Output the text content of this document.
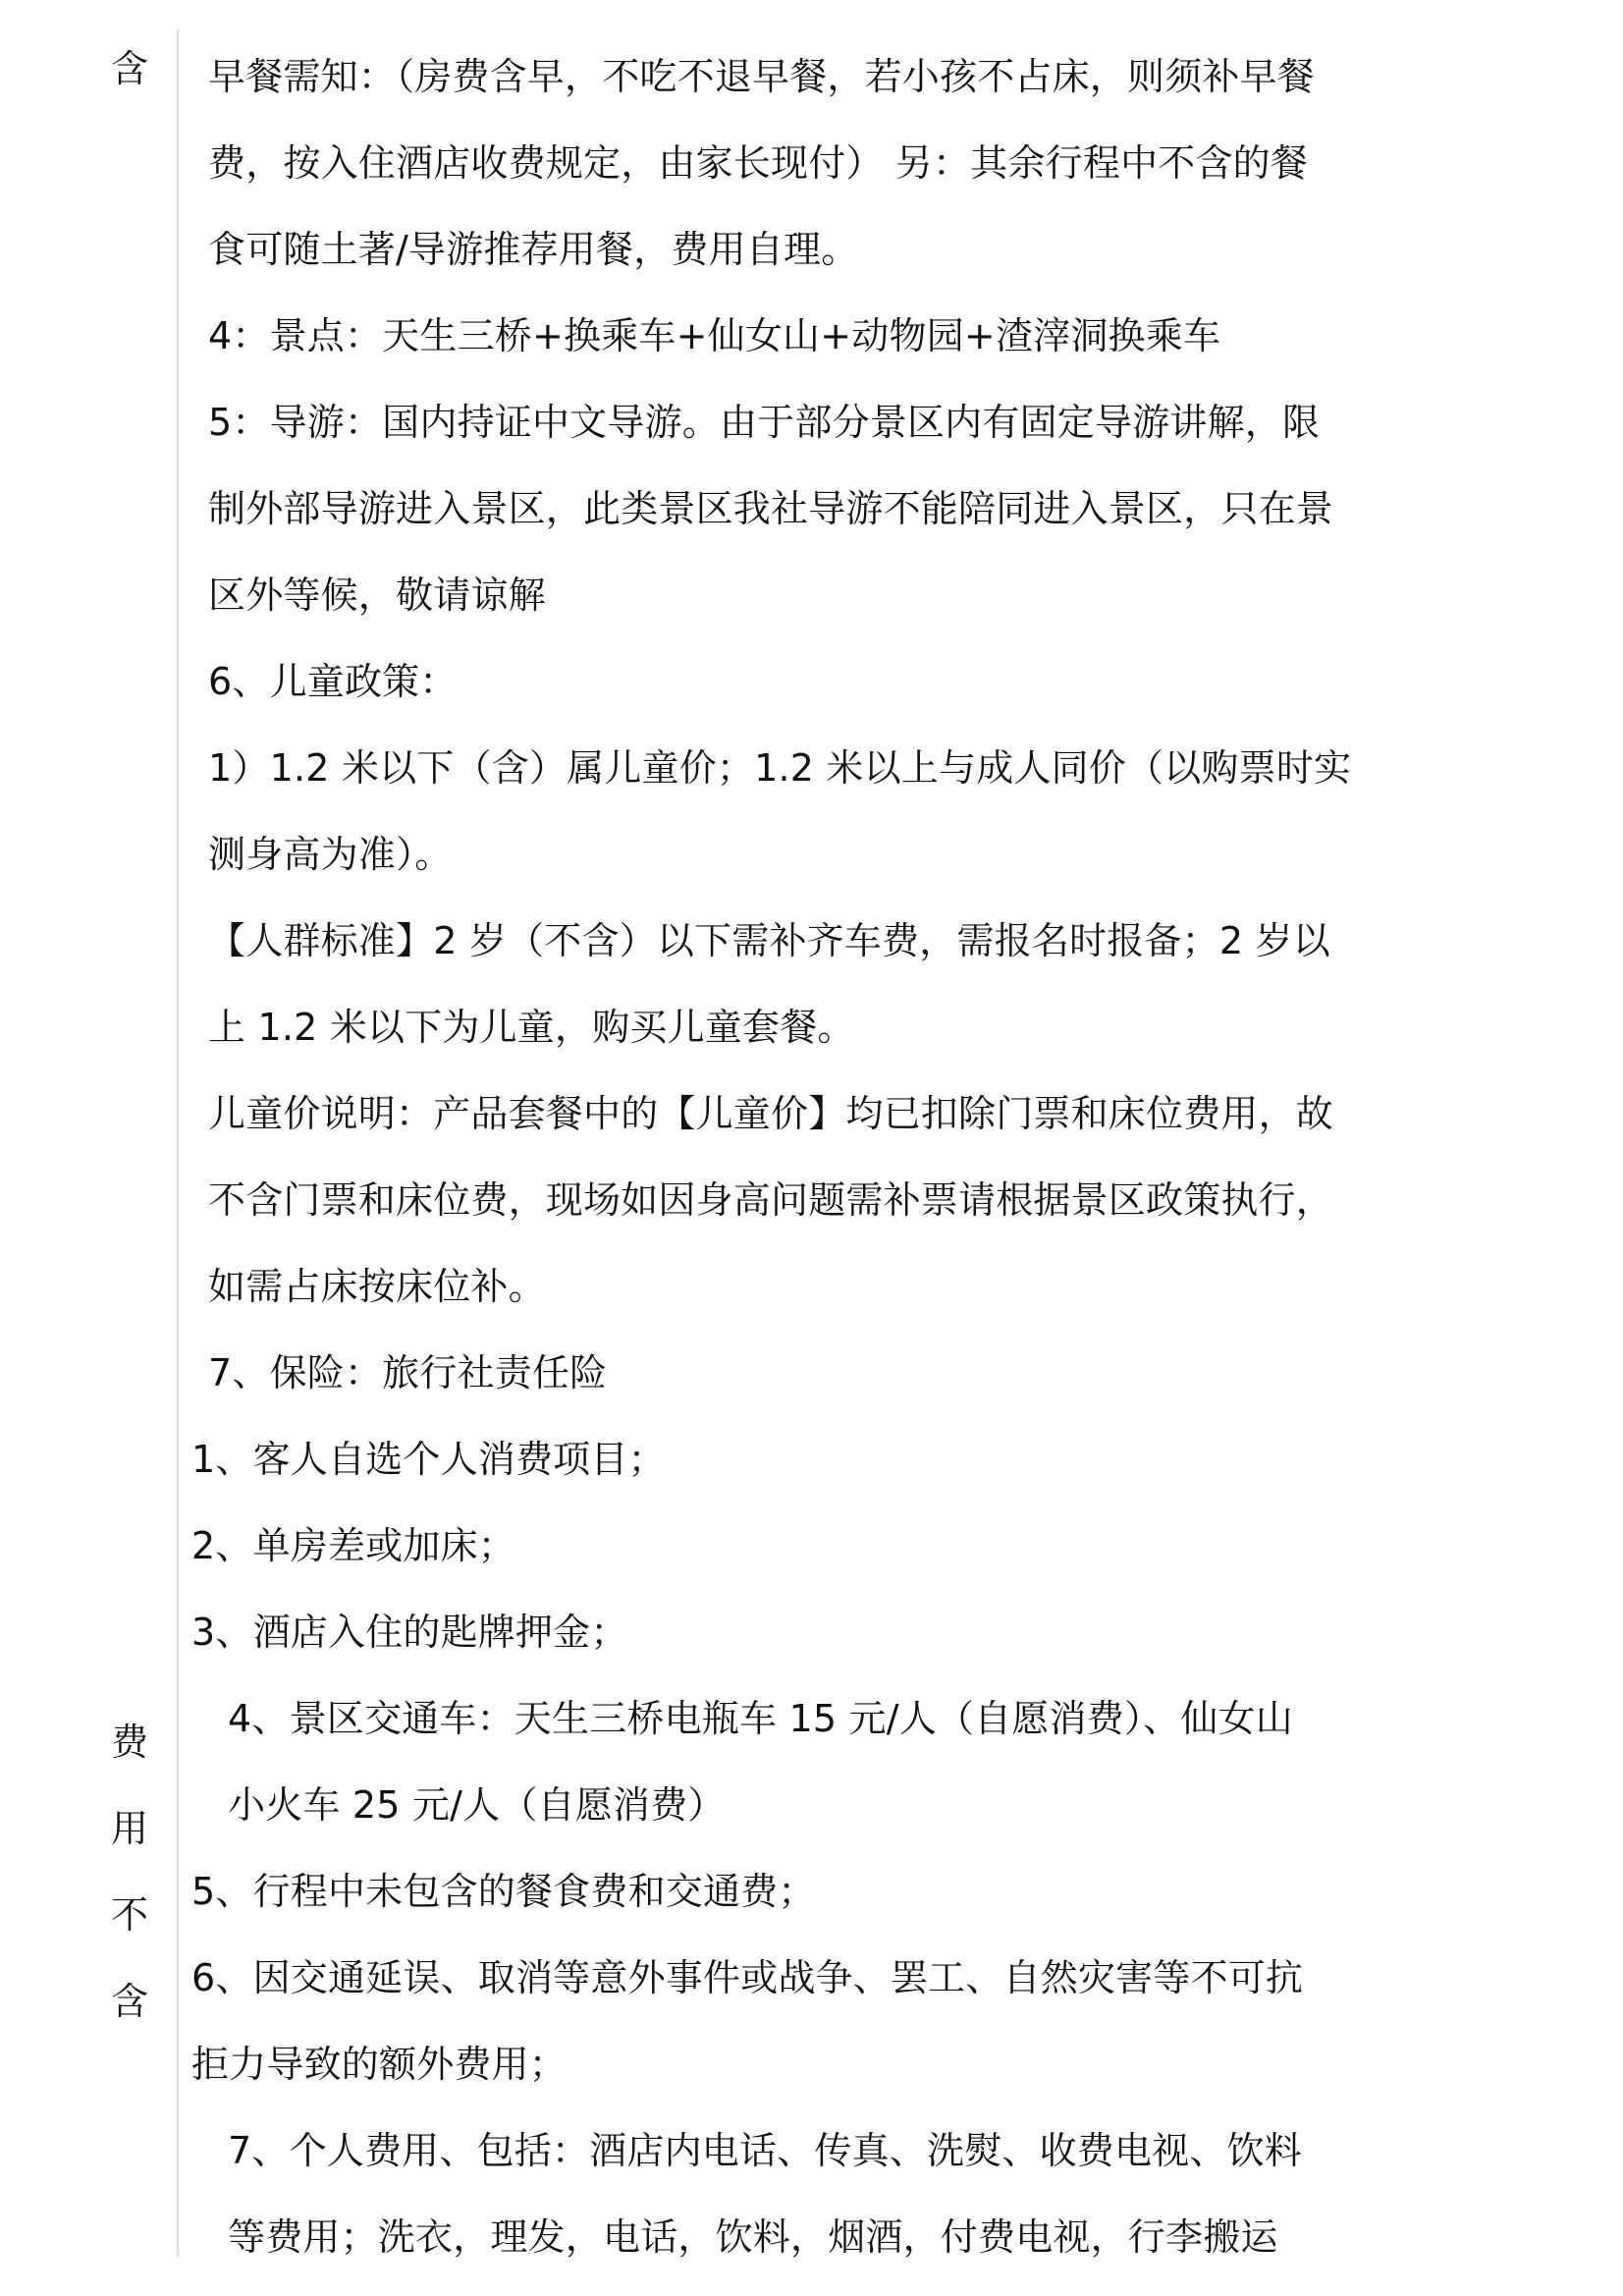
含
费
用
不
含
早餐需知：（房费含早，不吃不退早餐，若小孩不占床，则须补早餐
费，按入住酒店收费规定，由家长现付） 另：其余行程中不含的餐
食可随土著/导游推荐用餐，费用自理。
4：景点：天生三桥+换乘车+仙女山+动物园+渣滓洞换乘车
5：导游：国内持证中文导游。由于部分景区内有固定导游讲解，限
制外部导游进入景区，此类景区我社导游不能陪同进入景区，只在景
区外等候，敬请谅解
6、儿童政策：
1）1.2 米以下（含）属儿童价；1.2 米以上与成人同价（以购票时实
测身高为准）。
【人群标准】2 岁（不含）以下需补齐车费，需报名时报备；2 岁以
上 1.2 米以下为儿童，购买儿童套餐。
儿童价说明：产品套餐中的【儿童价】均已扣除门票和床位费用，故
不含门票和床位费，现场如因身高问题需补票请根据景区政策执行，
如需占床按床位补。
7、保险：旅行社责任险
1、客人自选个人消费项目；
2、单房差或加床；
3、酒店入住的匙牌押金；
4、景区交通车：天生三桥电瓶车 15 元/人（自愿消费）、仙女山
小火车 25 元/人（自愿消费）
5、行程中未包含的餐食费和交通费；
6、因交通延误、取消等意外事件或战争、罢工、自然灾害等不可抗
拒力导致的额外费用；
7、个人费用、包括：酒店内电话、传真、洗熨、收费电视、饮料
等费用；洗衣，理发，电话，饮料，烟酒，付费电视，行李搬运
